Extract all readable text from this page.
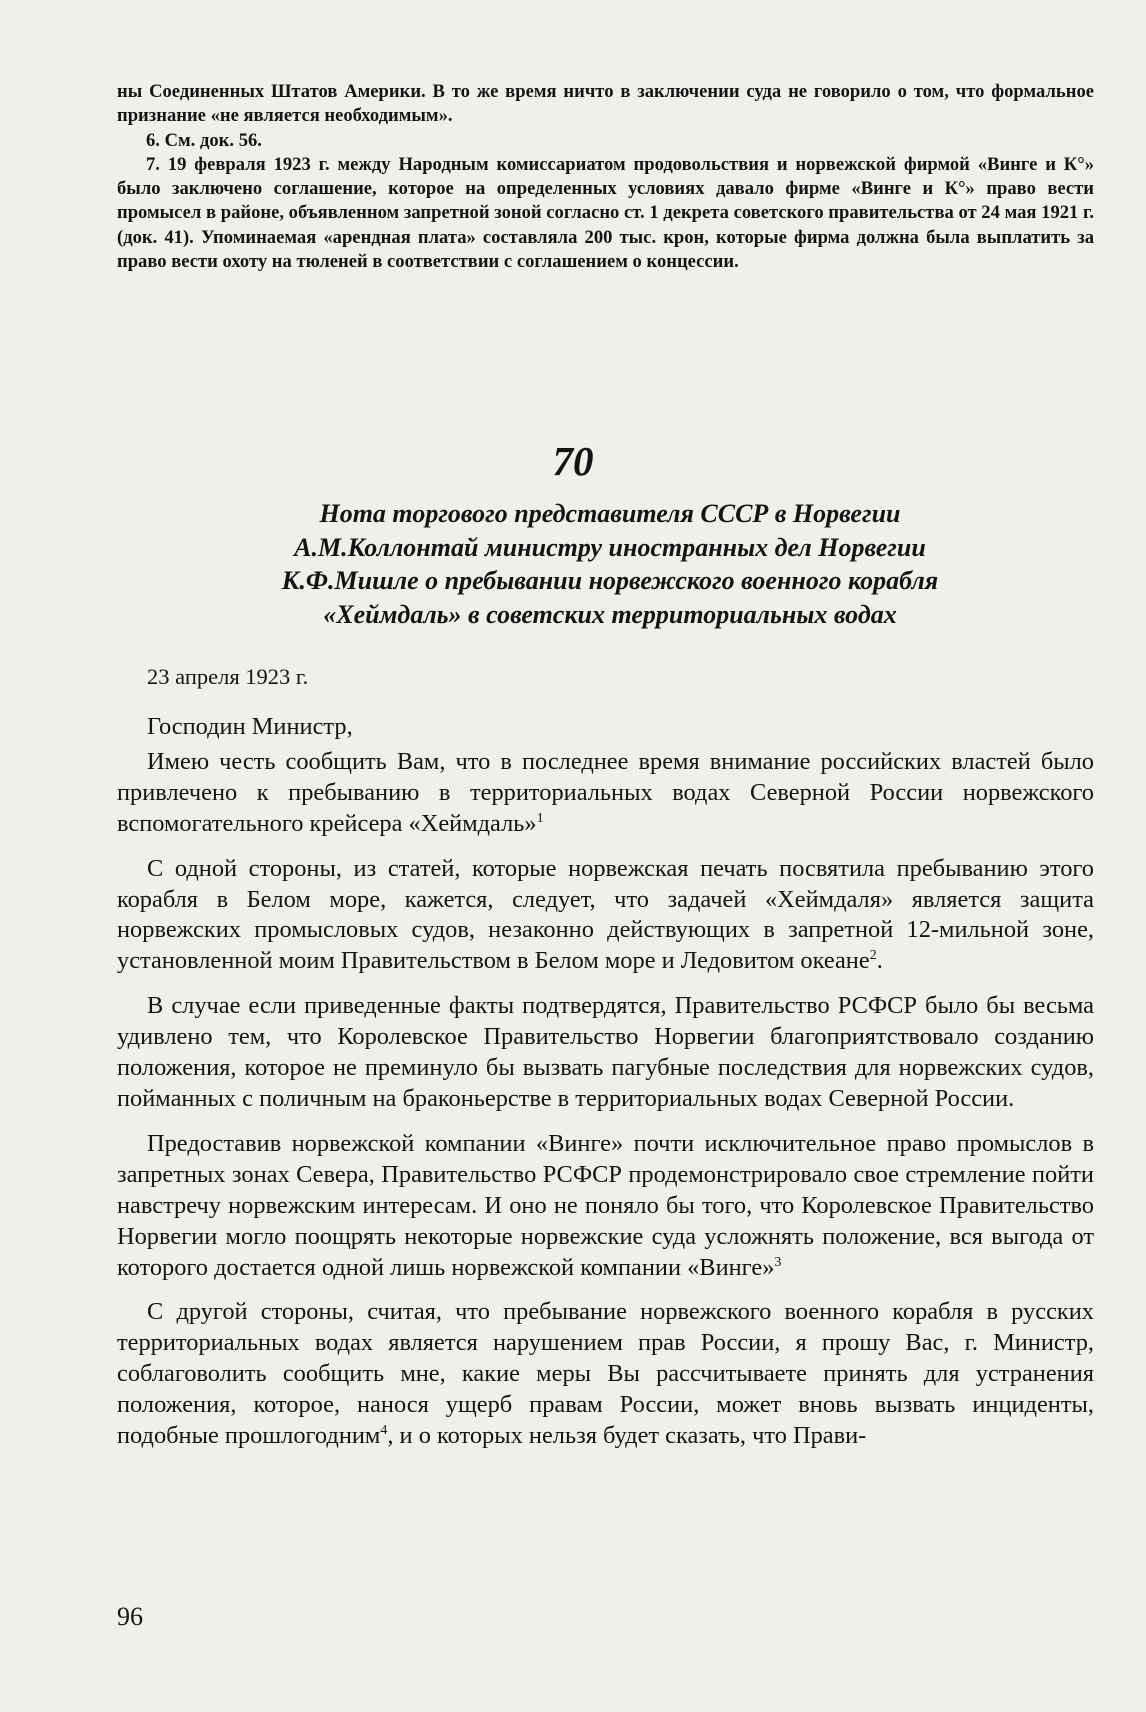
ны Соединенных Штатов Америки. В то же время ничто в заключении суда не говорило о том, что формальное признание «не является необходимым».

6. См. док. 56.

7. 19 февраля 1923 г. между Народным комиссариатом продовольствия и норвежской фирмой «Винге и К°» было заключено соглашение, которое на определенных условиях давало фирме «Винге и К°» право вести промысел в районе, объявленном запретной зоной согласно ст. 1 декрета советского правительства от 24 мая 1921 г. (док. 41). Упоминаемая «арендная плата» составляла 200 тыс. крон, которые фирма должна была выплатить за право вести охоту на тюленей в соответствии с соглашением о концессии.

70
Нота торгового представителя СССР в Норвегии
А.М.Коллонтай министру иностранных дел Норвегии
К.Ф.Мишле о пребывании норвежского военного корабля
«Хеймдаль» в советских территориальных водах
23 апреля 1923 г.

Господин Министр,

Имею честь сообщить Вам, что в последнее время внимание российских властей было привлечено к пребыванию в территориальных водах Северной России норвежского вспомогательного крейсера «Хеймдаль»$^1$

С одной стороны, из статей, которые норвежская печать посвятила пребыванию этого корабля в Белом море, кажется, следует, что задачей «Хеймдаля» является защита норвежских промысловых судов, незаконно действующих в запретной 12-мильной зоне, установленной моим Правительством в Белом море и Ледовитом океане$^2$.

В случае если приведенные факты подтвердятся, Правительство РСФСР было бы весьма удивлено тем, что Королевское Правительство Норвегии благоприятствовало созданию положения, которое не преминуло бы вызвать пагубные последствия для норвежских судов, пойманных с поличным на браконьерстве в территориальных водах Северной России.

Предоставив норвежской компании «Винге» почти исключительное право промыслов в запретных зонах Севера, Правительство РСФСР продемонстрировало свое стремление пойти навстречу норвежским интересам. И оно не поняло бы того, что Королевское Правительство Норвегии могло поощрять некоторые норвежские суда усложнять положение, вся выгода от которого достается одной лишь норвежской компании «Винге»$^3$

С другой стороны, считая, что пребывание норвежского военного корабля в русских территориальных водах является нарушением прав России, я прошу Вас, г. Министр, соблаговолить сообщить мне, какие меры Вы рассчитываете принять для устранения положения, которое, нанося ущерб правам России, может вновь вызвать инциденты, подобные прошлогодним$^4$, и о которых нельзя будет сказать, что Прави-

96
